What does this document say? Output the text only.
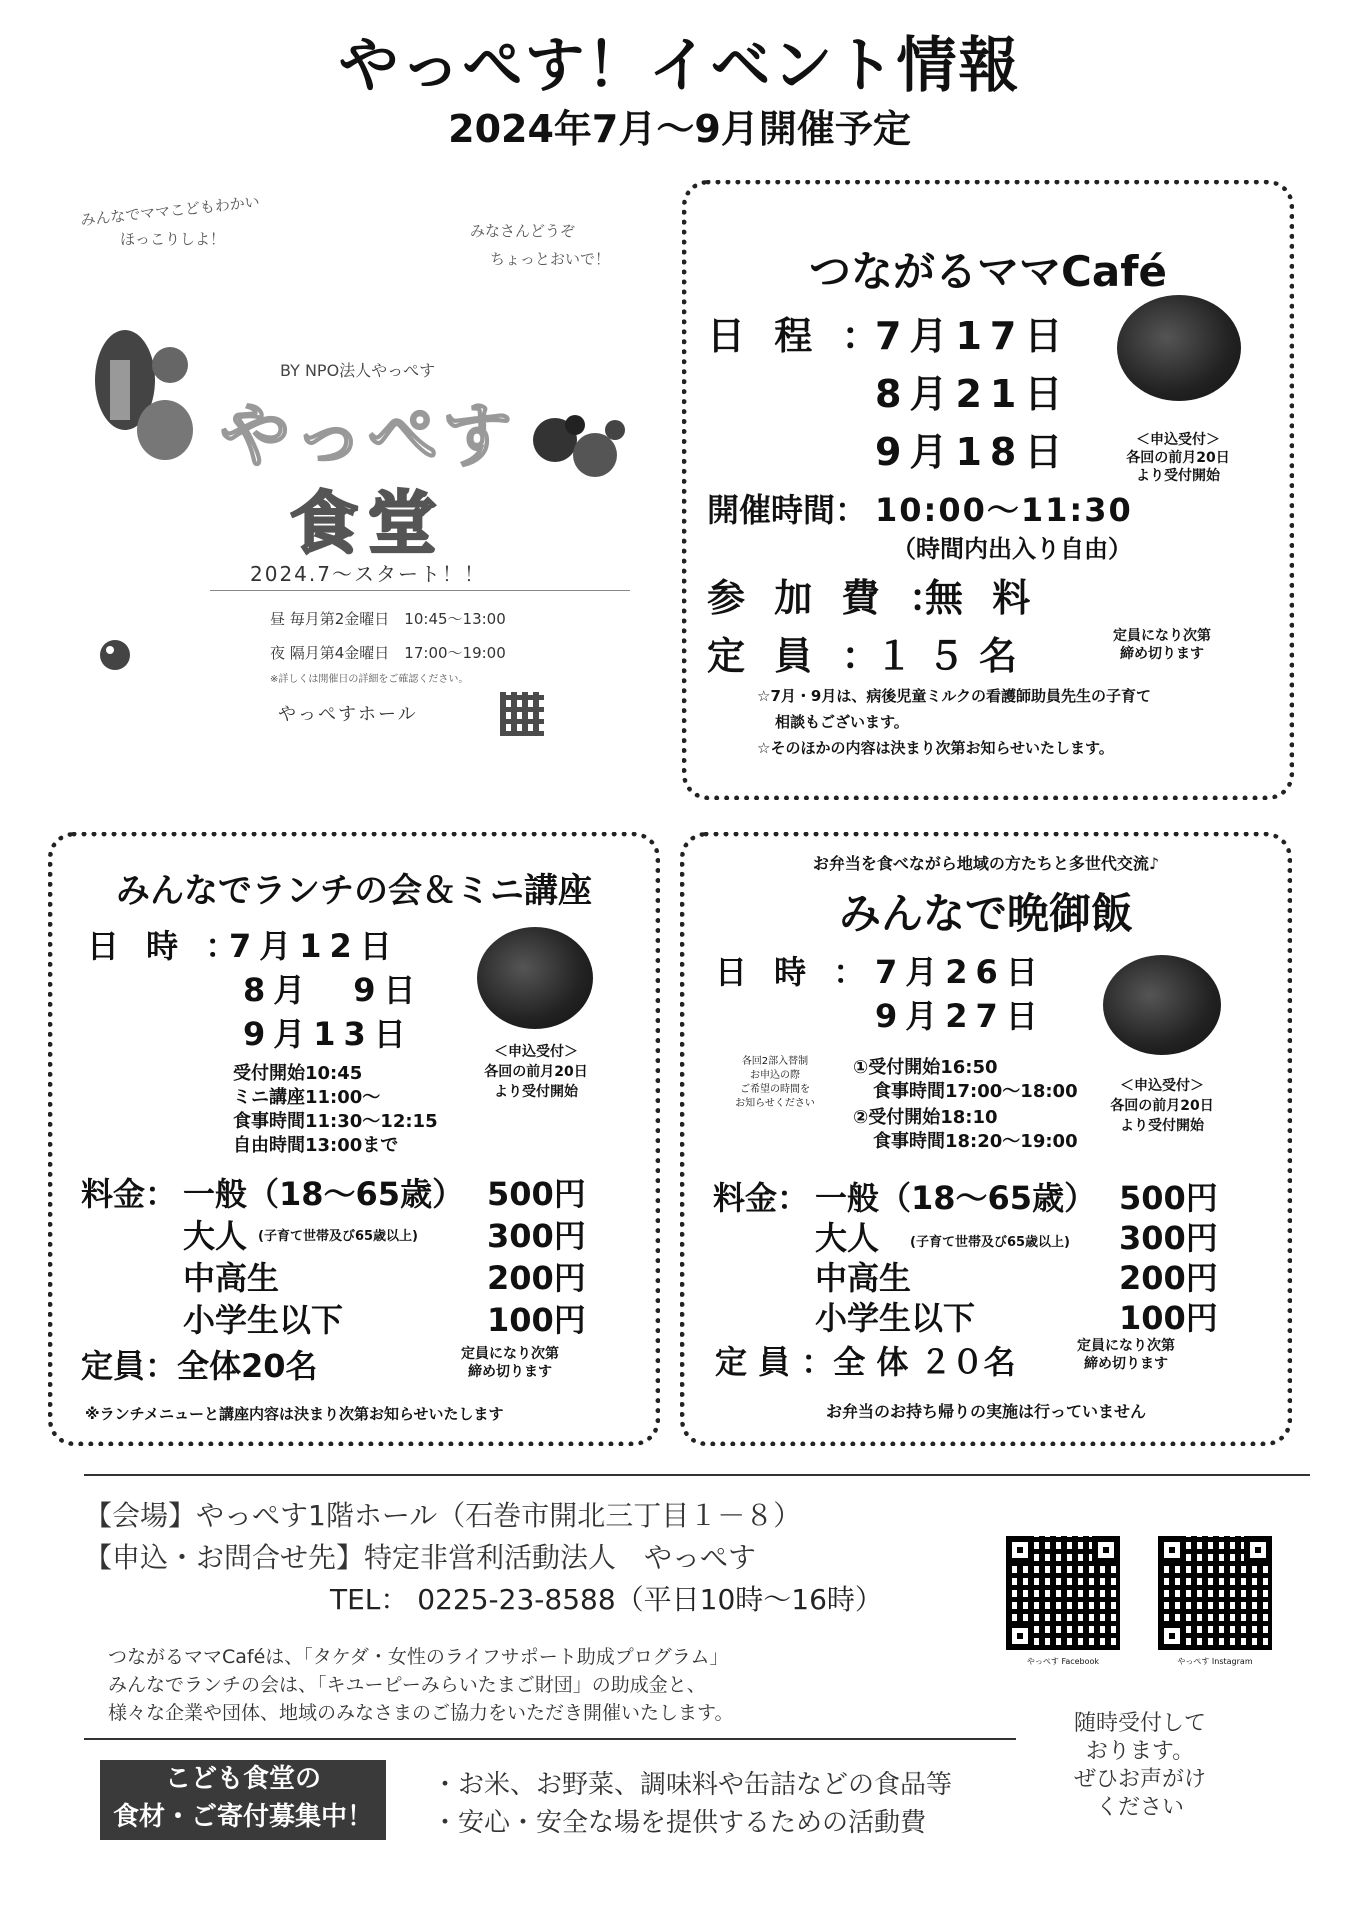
やっぺす！イベント情報
2024年7月〜9月開催予定
みんなでママこどもわかい
ほっこりしよ！	みなさんどうぞ
ちょっとおいで！
BY NPO法人やっぺす
やっぺす
食堂
2024.7〜スタート！！
昼 毎月第2金曜日　10:45〜13:00
夜 隔月第4金曜日　17:00〜19:00
※詳しくは開催日の詳細をご確認ください。
やっぺすホール
つながるママCafé
日 程 ：
7月17日
8月21日
9月18日	＜申込受付＞
各回の前月20日
より受付開始
開催時間： 10:00〜11:30
（時間内出入り自由）
参 加 費 ：
無 料
定 員 ：
１５名	定員になり次第
締め切ります
☆7月・9月は、病後児童ミルクの看護師助員先生の子育て
相談もございます。
☆そのほかの内容は決まり次第お知らせいたします。
みんなでランチの会＆ミニ講座
日 時 ：
7月12日
8月　9日
9月13日
受付開始10:45
ミニ講座11:00〜
食事時間11:30〜12:15
自由時間13:00まで
＜申込受付＞
各回の前月20日
より受付開始
料金： 一般（18〜65歳） 500円
大人 (子育て世帯及び65歳以上) 300円
中高生	200円
小学生以下	100円
定員：全体20名	定員になり次第
締め切ります
※ランチメニューと講座内容は決まり次第お知らせいたします
お弁当を食べながら地域の方たちと多世代交流♪
みんなで晩御飯
日 時 ： 7月26日
9月27日
各回2部入替制
お申込の際
ご希望の時間を
お知らせください
①受付開始16:50
食事時間17:00〜18:00
②受付開始18:10
食事時間18:20〜19:00
＜申込受付＞
各回の前月20日
より受付開始
料金： 一般（18〜65歳） 500円
大人 (子育て世帯及び65歳以上) 300円
中高生	200円
小学生以下	100円
定 員 ：全 体 ２０名	定員になり次第
締め切ります
お弁当のお持ち帰りの実施は行っていません
【会場】やっぺす1階ホール（石巻市開北三丁目１－８）
【申込・お問合せ先】特定非営利活動法人　やっぺす
TEL： 0225-23-8588（平日10時〜16時）
つながるママCaféは、「タケダ・女性のライフサポート助成プログラム」
みんなでランチの会は、「キユーピーみらいたまご財団」の助成金と、
様々な企業や団体、地域のみなさまのご協力をいただき開催いたします。
やっぺす Facebook	やっぺす Instagram
こども食堂の
食材・ご寄付募集中！
・お米、お野菜、調味料や缶詰などの食品等
・安心・安全な場を提供するための活動費
随時受付して
おります。
ぜひお声がけ
ください
